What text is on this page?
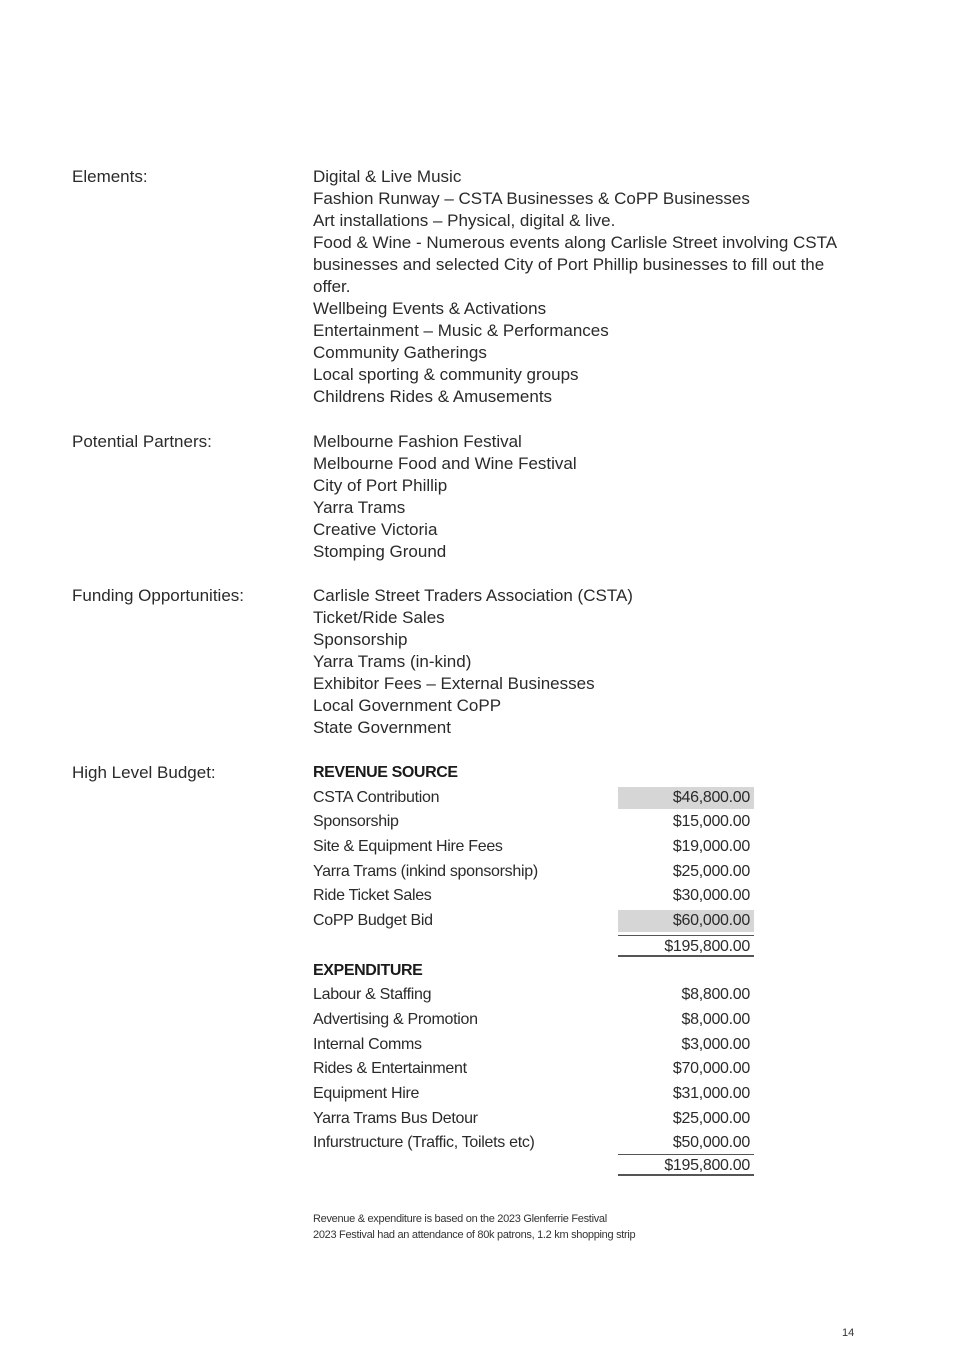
Elements:	Digital & Live Music
Fashion Runway – CSTA Businesses & CoPP Businesses
Art installations – Physical, digital & live.
Food & Wine - Numerous events along Carlisle Street involving CSTA
businesses and selected City of Port Phillip businesses to fill out the
offer.
Wellbeing Events & Activations
Entertainment – Music & Performances
Community Gatherings
Local sporting & community groups
Childrens Rides & Amusements
Potential Partners:	Melbourne Fashion Festival
Melbourne Food and Wine Festival
City of Port Phillip
Yarra Trams
Creative Victoria
Stomping Ground
Funding Opportunities:	Carlisle Street Traders Association (CSTA)
Ticket/Ride Sales
Sponsorship
Yarra Trams (in-kind)
Exhibitor Fees – External Businesses
Local Government CoPP
State Government
High Level Budget:	REVENUE SOURCE
CSTA Contribution	$46,800.00
Sponsorship	$15,000.00
Site & Equipment Hire Fees	$19,000.00
Yarra Trams (inkind sponsorship)	$25,000.00
Ride Ticket Sales	$30,000.00
CoPP Budget Bid	$60,000.00
$195,800.00
EXPENDITURE
Labour & Staffing	$8,800.00
Advertising & Promotion	$8,000.00
Internal Comms	$3,000.00
Rides & Entertainment	$70,000.00
Equipment Hire	$31,000.00
Yarra Trams Bus Detour	$25,000.00
Infurstructure (Traffic, Toilets etc)	$50,000.00
$195,800.00
Revenue & expenditure is based on the 2023 Glenferrie Festival
2023 Festival had an attendance of 80k patrons, 1.2 km shopping strip
14
